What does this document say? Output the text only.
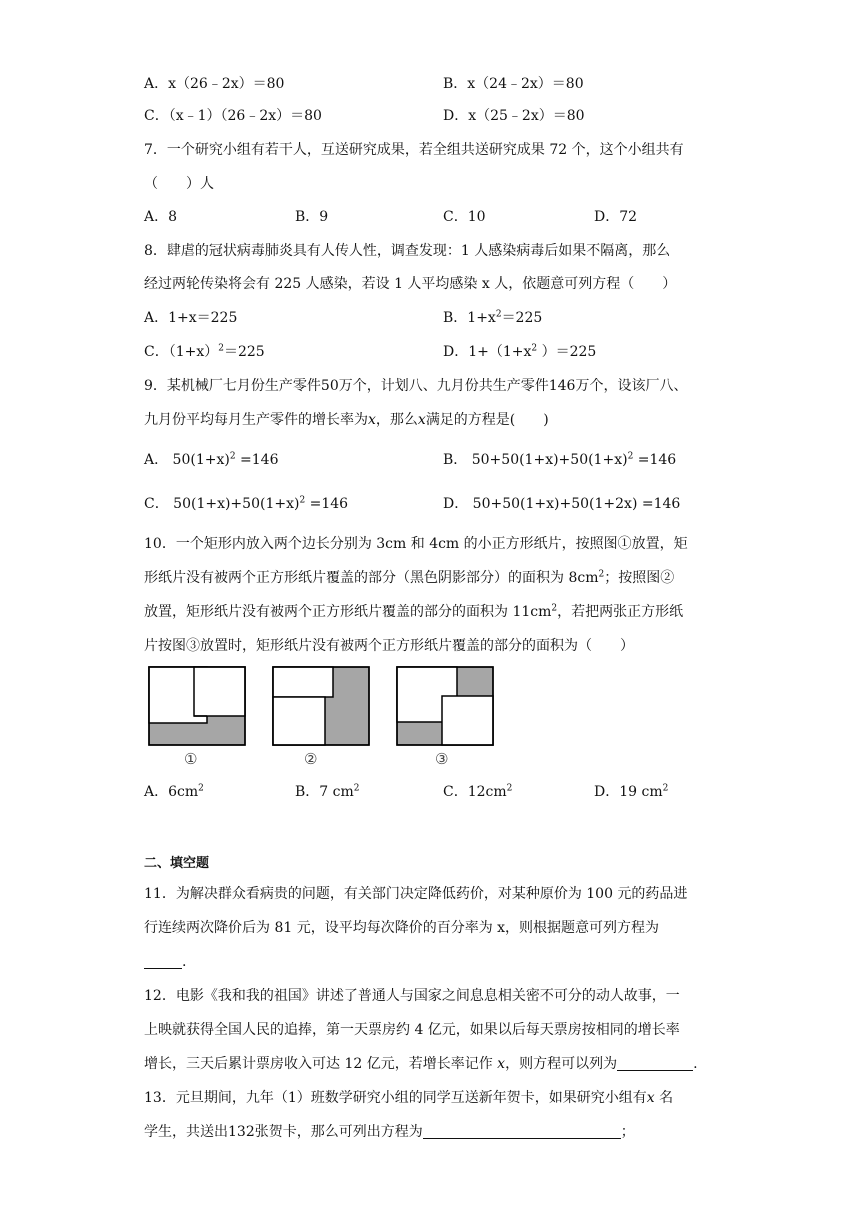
A．x（26﹣2x）＝80	B．x（24﹣2x）＝80
C．（x﹣1）（26﹣2x）＝80	D．x（25﹣2x）＝80
7．一个研究小组有若干人，互送研究成果，若全组共送研究成果 72 个，这个小组共有
（　　）人
A．8	B．9	C．10	D．72
8．肆虐的冠状病毒肺炎具有人传人性，调查发现：1 人感染病毒后如果不隔离，那么
经过两轮传染将会有 225 人感染，若设 1 人平均感染 x 人，依题意可列方程（　　）
A．1+x＝225	B．$1+x^2=225$
C．$(1+x)^2=225$	D．$1+(1+x^2$ ）＝225
9．某机械厂七月份生产零件50万个，计划八、九月份共生产零件146万个，设该厂八、
九月份平均每月生产零件的增长率为x，那么x满足的方程是(　　)
A． $50(1+x)^2 =146$	B． $50+50(1+x)+50(1+x)^2 =146$
C． $50(1+x)+50(1+x)^2 =146$	D． 50+50(1+x)+50(1+2x) =146
10．一个矩形内放入两个边长分别为 3cm 和 4cm 的小正方形纸片，按照图①放置，矩
形纸片没有被两个正方形纸片覆盖的部分（黑色阴影部分）的面积为 $8cm^2$；按照图②
放置，矩形纸片没有被两个正方形纸片覆盖的部分的面积为 $11cm^2$，若把两张正方形纸
片按图③放置时，矩形纸片没有被两个正方形纸片覆盖的部分的面积为（　　）
①	②	③
A．$6cm^2$	B．7 $cm^2$	C．$12cm^2$	D．19 $cm^2$
二、填空题
11．为解决群众看病贵的问题，有关部门决定降低药价，对某种原价为 100 元的药品进
行连续两次降价后为 81 元，设平均每次降价的百分率为 x，则根据题意可列方程为
.
12．电影《我和我的祖国》讲述了普通人与国家之间息息相关密不可分的动人故事，一
上映就获得全国人民的追捧，第一天票房约 4 亿元，如果以后每天票房按相同的增长率
增长，三天后累计票房收入可达 12 亿元，若增长率记作 x，则方程可以列为	.
13．元旦期间，九年（1）班数学研究小组的同学互送新年贺卡，如果研究小组有x 名
学生，共送出132张贺卡，那么可列出方程为	；
